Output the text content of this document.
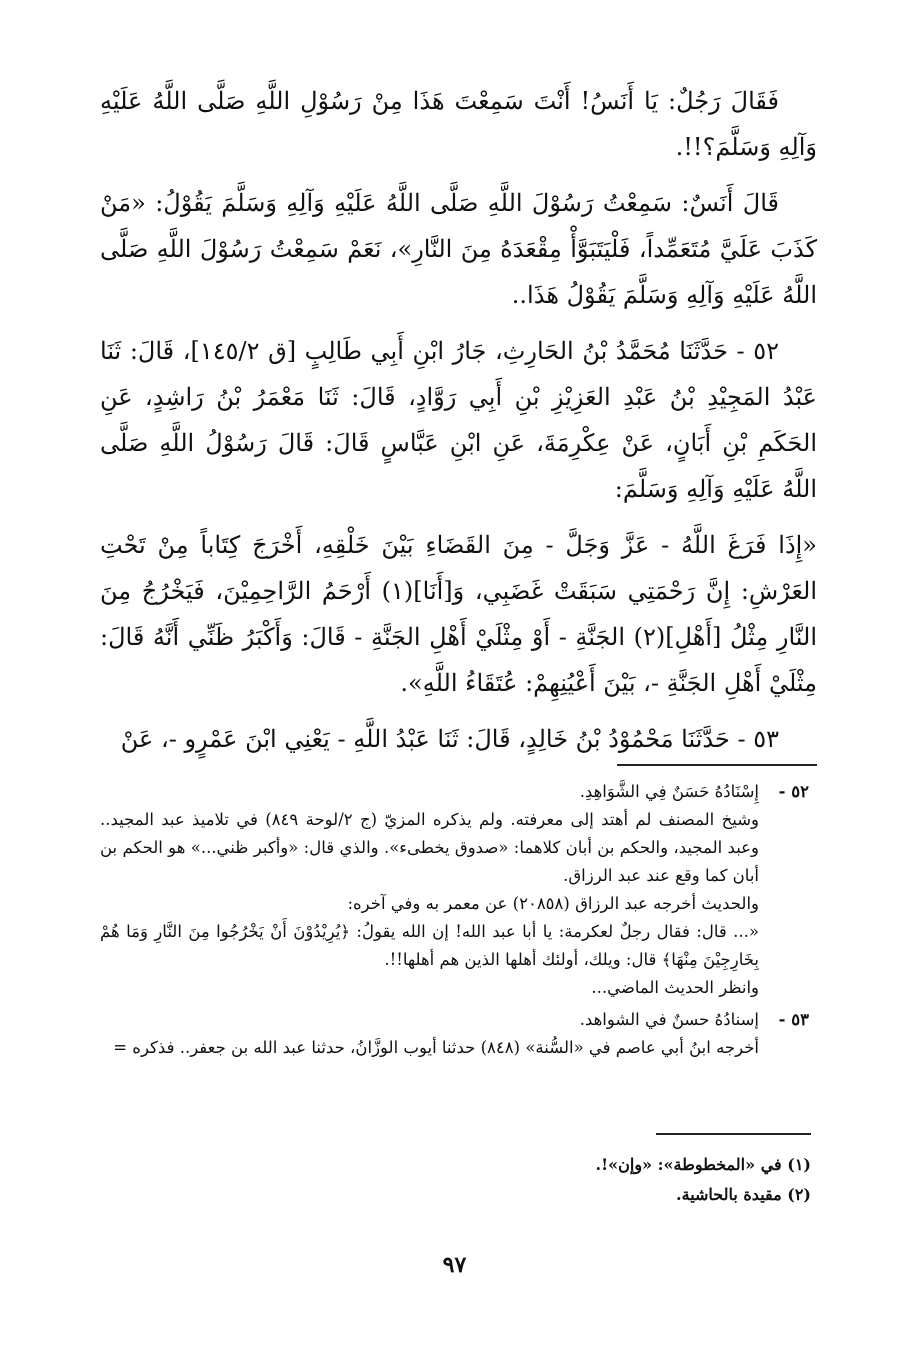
فَقَالَ رَجُلٌ: يَا أَنَسُ! أَنْتَ سَمِعْتَ هَذَا مِنْ رَسُوْلِ اللَّهِ صَلَّى اللَّهُ عَلَيْهِ وَآلِهِ وَسَلَّمَ؟!!.

قَالَ أَنَسٌ: سَمِعْتُ رَسُوْلَ اللَّهِ صَلَّى اللَّهُ عَلَيْهِ وَآلِهِ وَسَلَّمَ يَقُوْلُ: «مَنْ كَذَبَ عَلَيَّ مُتَعَمِّداً، فَلْيَتَبَوَّأْ مِقْعَدَهُ مِنَ النَّارِ»، نَعَمْ سَمِعْتُ رَسُوْلَ اللَّهِ صَلَّى اللَّهُ عَلَيْهِ وَآلِهِ وَسَلَّمَ يَقُوْلُ هَذَا..

٥٢ - حَدَّثَنَا مُحَمَّدُ بْنُ الحَارِثِ، جَارُ ابْنِ أَبِي طَالِبٍ [ق ١٤٥/٢]، قَالَ: ثَنَا عَبْدُ المَجِيْدِ بْنُ عَبْدِ العَزِيْزِ بْنِ أَبِي رَوَّادٍ، قَالَ: ثَنَا مَعْمَرُ بْنُ رَاشِدٍ، عَنِ الحَكَمِ بْنِ أَبَانٍ، عَنْ عِكْرِمَةَ، عَنِ ابْنِ عَبَّاسٍ قَالَ: قَالَ رَسُوْلُ اللَّهِ صَلَّى اللَّهُ عَلَيْهِ وَآلِهِ وَسَلَّمَ:

«إِذَا فَرَغَ اللَّهُ - عَزَّ وَجَلَّ - مِنَ القَضَاءِ بَيْنَ خَلْقِهِ، أَخْرَجَ كِتَاباً مِنْ تَحْتِ العَرْشِ: إِنَّ رَحْمَتِي سَبَقَتْ غَضَبِي، وَ[أَنَا](١) أَرْحَمُ الرَّاحِمِيْنَ، فَيَخْرُجُ مِنَ النَّارِ مِثْلُ [أَهْلِ](٢) الجَنَّةِ - أَوْ مِثْلَيْ أَهْلِ الجَنَّةِ - قَالَ: وَأَكْبَرُ ظَنِّي أَنَّهُ قَالَ: مِثْلَيْ أَهْلِ الجَنَّةِ -، بَيْنَ أَعْيُنِهِمْ: عُتَقَاءُ اللَّهِ».

٥٣ - حَدَّثَنَا مَحْمُوْدُ بْنُ خَالِدٍ، قَالَ: ثَنَا عَبْدُ اللَّهِ - يَعْنِي ابْنَ عَمْرٍو -، عَنْ

٥٢ -
إِسْنَادُهُ حَسَنٌ فِي الشَّوَاهِدِ.
وشيخ المصنف لم أهتد إلى معرفته. ولم يذكره المزيّ (ج ٢/لوحة ٨٤٩) في تلاميذ عبد المجيد.. وعبد المجيد، والحكم بن أبان كلاهما: «صدوق يخطىء». والذي قال: «وأكبر ظني...» هو الحكم بن أبان كما وقع عند عبد الرزاق.
والحديث أخرجه عبد الرزاق (٢٠٨٥٨) عن معمر به وفي آخره:
«... قال: فقال رجلٌ لعكرمة: يا أبا عبد الله! إن الله يقولُ: ﴿يُرِيْدُوْنَ أَنْ يَخْرُجُوا مِنَ النَّارِ وَمَا هُمْ بِخَارِجِيْنَ مِنْهَا﴾ قال: ويلك، أولئك أهلها الذين هم أهلها!!.
وانظر الحديث الماضي...
٥٣ -
إسنادُهُ حسنٌ في الشواهد.
أخرجه ابنُ أبي عاصم في «السُّنة» (٨٤٨) حدثنا أيوب الوزَّانُ، حدثنا عبد الله بن جعفر.. فذكره =
(١) في «المخطوطة»: «وإن»!.
(٢) مقيدة بالحاشية.
٩٧
